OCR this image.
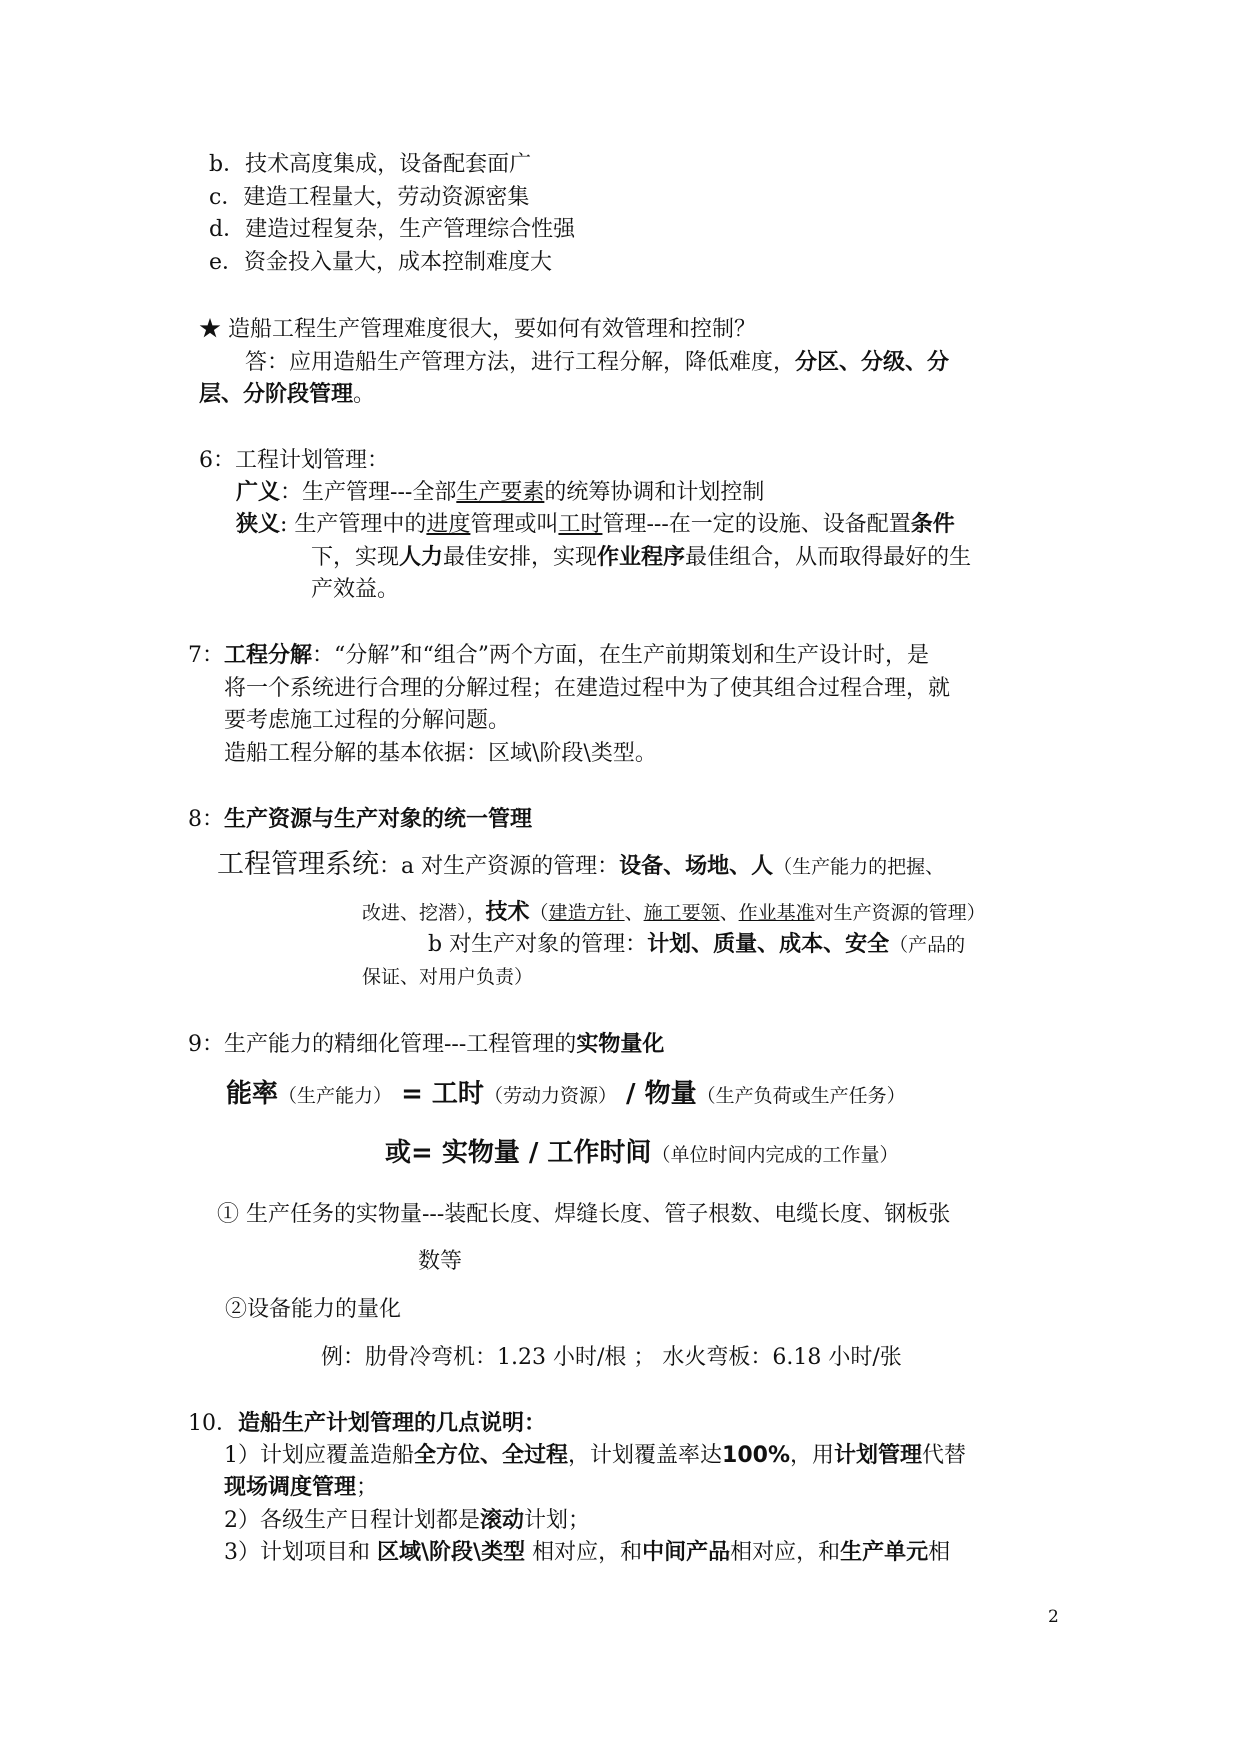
b．技术高度集成，设备配套面广
c．建造工程量大，劳动资源密集
d．建造过程复杂，生产管理综合性强
e．资金投入量大，成本控制难度大
★ 造船工程生产管理难度很大，要如何有效管理和控制？
答：应用造船生产管理方法，进行工程分解，降低难度，分区、分级、分
层、分阶段管理。
6：工程计划管理：
广义：生产管理---全部生产要素的统筹协调和计划控制
狭义: 生产管理中的进度管理或叫工时管理---在一定的设施、设备配置条件
下，实现人力最佳安排，实现作业程序最佳组合，从而取得最好的生
产效益。
7：工程分解：“分解”和“组合”两个方面，在生产前期策划和生产设计时，是
将一个系统进行合理的分解过程；在建造过程中为了使其组合过程合理，就
要考虑施工过程的分解问题。
造船工程分解的基本依据：区域\阶段\类型。
8：生产资源与生产对象的统一管理
工程管理系统：a 对生产资源的管理：设备、场地、人（生产能力的把握、
改进、挖潜），技术（建造方针、施工要领、作业基准对生产资源的管理）
b 对生产对象的管理：计划、质量、成本、安全（产品的
保证、对用户负责）
9：生产能力的精细化管理---工程管理的实物量化
能率（生产能力） = 工时（劳动力资源） / 物量（生产负荷或生产任务）
或= 实物量 / 工作时间（单位时间内完成的工作量）
① 生产任务的实物量---装配长度、焊缝长度、管子根数、电缆长度、钢板张
数等
②设备能力的量化
例：肋骨冷弯机：1.23 小时/根 ； 水火弯板：6.18 小时/张
10．造船生产计划管理的几点说明：
1）计划应覆盖造船全方位、全过程，计划覆盖率达100%，用计划管理代替
现场调度管理；
2）各级生产日程计划都是滚动计划；
3）计划项目和 区域\阶段\类型 相对应，和中间产品相对应，和生产单元相
2
